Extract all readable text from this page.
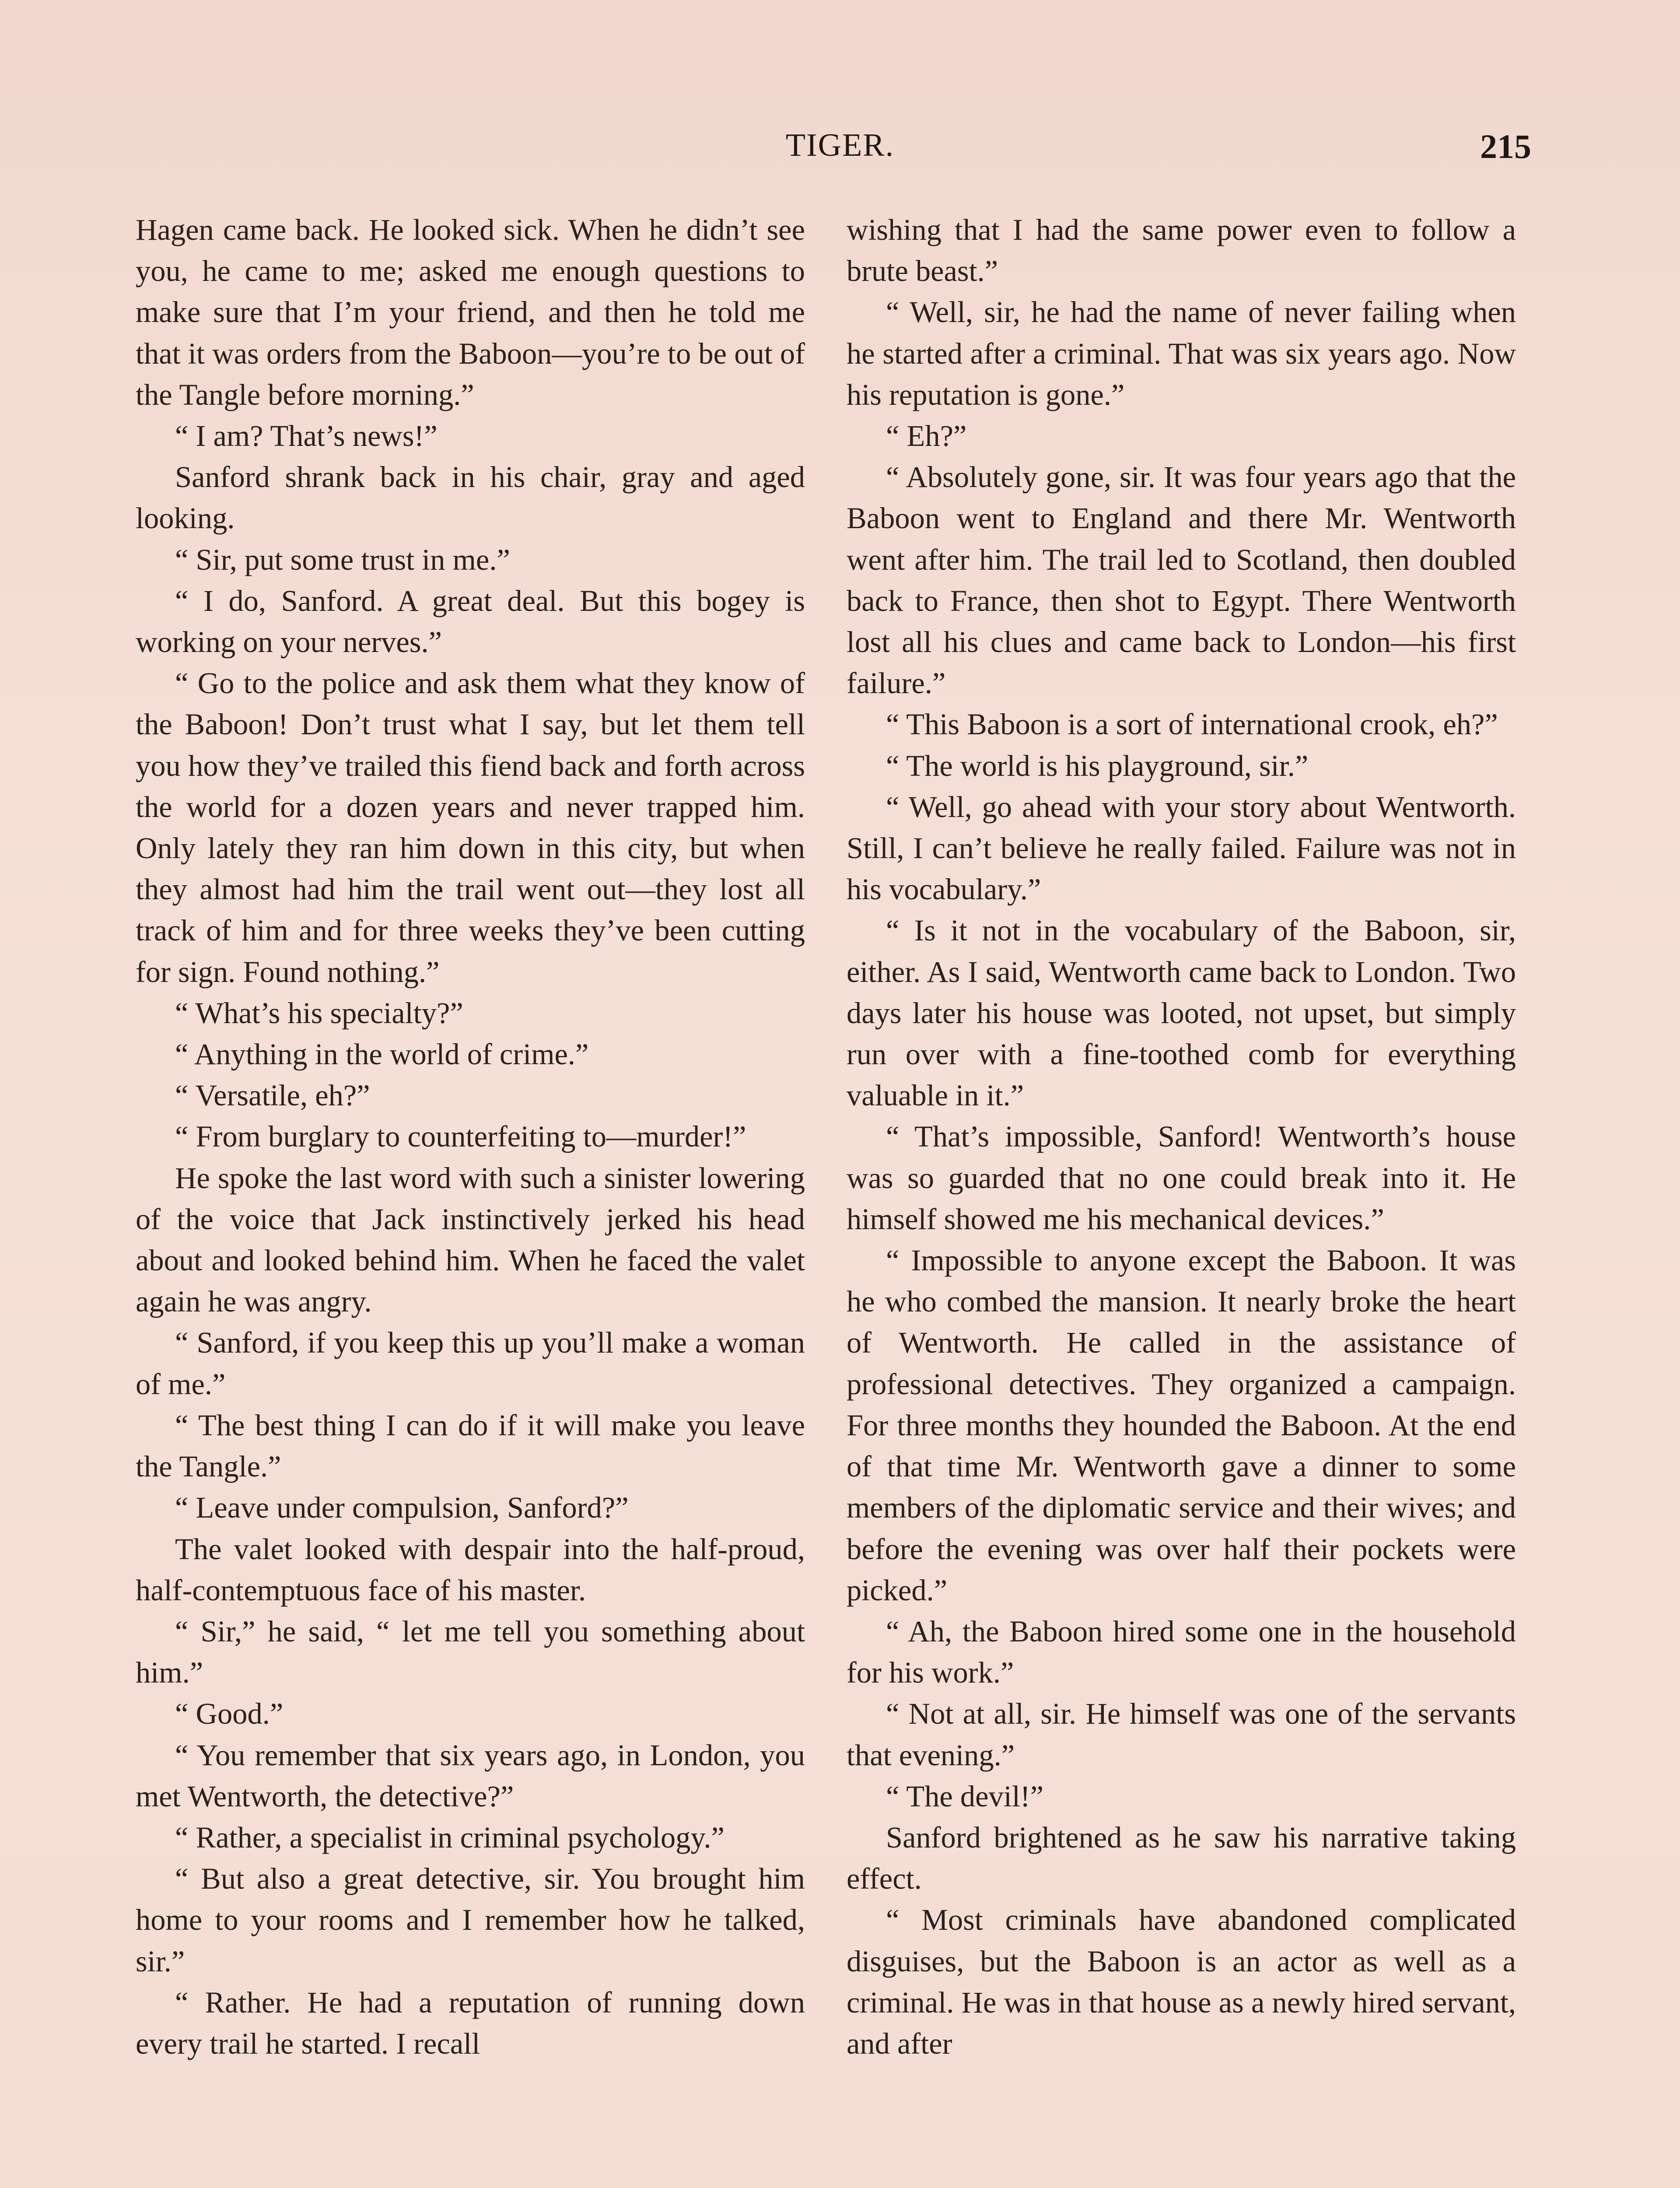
TIGER.	215

Hagen came back. He looked sick. When he didn’t see you, he came to me; asked me enough questions to make sure that I’m your friend, and then he told me that it was orders from the Baboon—you’re to be out of the Tangle before morning.”

“ I am? That’s news!”

Sanford shrank back in his chair, gray and aged looking.

“ Sir, put some trust in me.”

“ I do, Sanford. A great deal. But this bogey is working on your nerves.”

“ Go to the police and ask them what they know of the Baboon! Don’t trust what I say, but let them tell you how they’ve trailed this fiend back and forth across the world for a dozen years and never trapped him. Only lately they ran him down in this city, but when they almost had him the trail went out—they lost all track of him and for three weeks they’ve been cutting for sign. Found nothing.”

“ What’s his specialty?”

“ Anything in the world of crime.”

“ Versatile, eh?”

“ From burglary to counterfeiting to—murder!”

He spoke the last word with such a sinister lowering of the voice that Jack instinctively jerked his head about and looked behind him. When he faced the valet again he was angry.

“ Sanford, if you keep this up you’ll make a woman of me.”

“ The best thing I can do if it will make you leave the Tangle.”

“ Leave under compulsion, Sanford?”

The valet looked with despair into the half-proud, half-contemptuous face of his master.

“ Sir,” he said, “ let me tell you something about him.”

“ Good.”

“ You remember that six years ago, in London, you met Wentworth, the detective?”

“ Rather, a specialist in criminal psychology.”

“ But also a great detective, sir. You brought him home to your rooms and I remember how he talked, sir.”

“ Rather. He had a reputation of running down every trail he started. I recall

wishing that I had the same power even to follow a brute beast.”

“ Well, sir, he had the name of never failing when he started after a criminal. That was six years ago. Now his reputation is gone.”

“ Eh?”

“ Absolutely gone, sir. It was four years ago that the Baboon went to England and there Mr. Wentworth went after him. The trail led to Scotland, then doubled back to France, then shot to Egypt. There Wentworth lost all his clues and came back to London—his first failure.”

“ This Baboon is a sort of international crook, eh?”

“ The world is his playground, sir.”

“ Well, go ahead with your story about Wentworth. Still, I can’t believe he really failed. Failure was not in his vocabulary.”

“ Is it not in the vocabulary of the Baboon, sir, either. As I said, Wentworth came back to London. Two days later his house was looted, not upset, but simply run over with a fine-toothed comb for everything valuable in it.”

“ That’s impossible, Sanford! Wentworth’s house was so guarded that no one could break into it. He himself showed me his mechanical devices.”

“ Impossible to anyone except the Baboon. It was he who combed the mansion. It nearly broke the heart of Wentworth. He called in the assistance of professional detectives. They organized a campaign. For three months they hounded the Baboon. At the end of that time Mr. Wentworth gave a dinner to some members of the diplomatic service and their wives; and before the evening was over half their pockets were picked.”

“ Ah, the Baboon hired some one in the household for his work.”

“ Not at all, sir. He himself was one of the servants that evening.”

“ The devil!”

Sanford brightened as he saw his narrative taking effect.

“ Most criminals have abandoned complicated disguises, but the Baboon is an actor as well as a criminal. He was in that house as a newly hired servant, and after
